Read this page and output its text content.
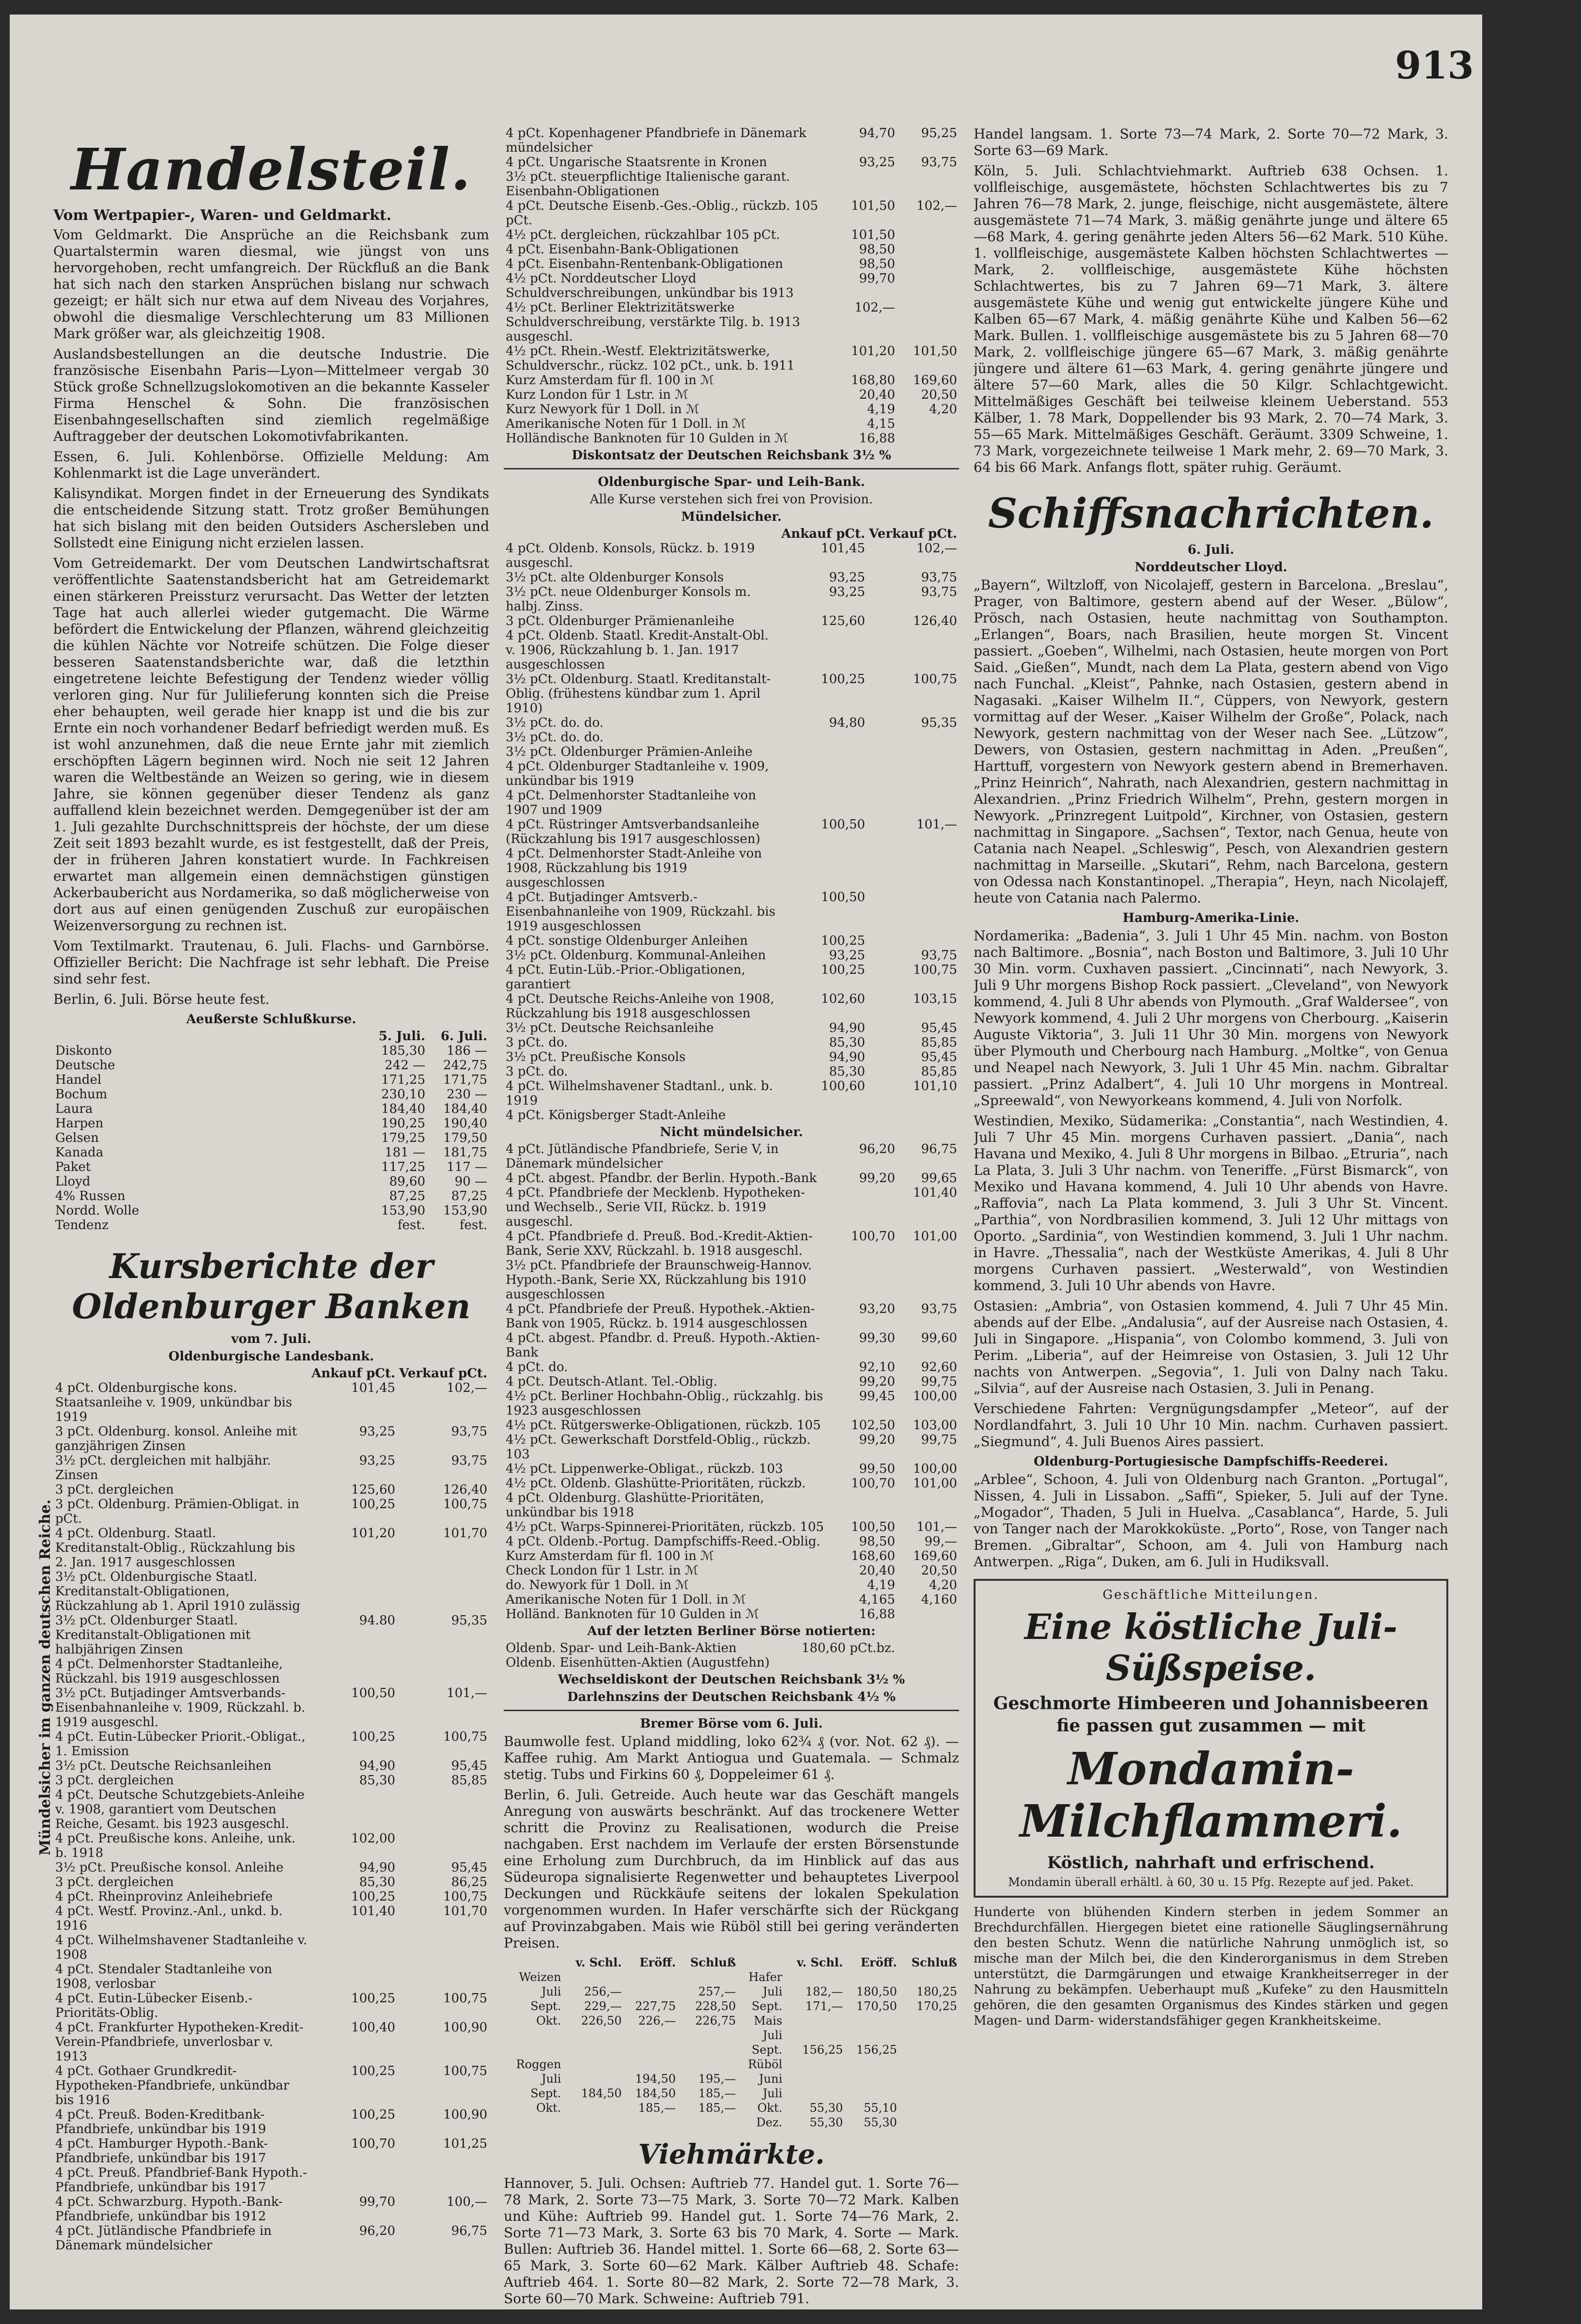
913
Mündelsicher im ganzen deutschen Reiche.
Handelsteil.
Vom Wertpapier-, Waren- und Geldmarkt.
Vom Geldmarkt. Die Ansprüche an die Reichsbank zum Quartalstermin waren diesmal, wie jüngst von uns hervorgehoben, recht umfangreich. Der Rückfluß an die Bank hat sich nach den starken Ansprüchen bislang nur schwach gezeigt; er hält sich nur etwa auf dem Niveau des Vorjahres, obwohl die diesmalige Verschlechterung um 83 Millionen Mark größer war, als gleichzeitig 1908.
Auslandsbestellungen an die deutsche Industrie. Die französische Eisenbahn Paris—Lyon—Mittelmeer vergab 30 Stück große Schnellzugslokomotiven an die bekannte Kasseler Firma Henschel & Sohn. Die französischen Eisenbahngesellschaften sind ziemlich regelmäßige Auftraggeber der deutschen Lokomotivfabrikanten.
Essen, 6. Juli. Kohlenbörse. Offizielle Meldung: Am Kohlenmarkt ist die Lage unverändert.
Kalisyndikat. Morgen findet in der Erneuerung des Syndikats die entscheidende Sitzung statt. Trotz großer Bemühungen hat sich bislang mit den beiden Outsiders Aschersleben und Sollstedt eine Einigung nicht erzielen lassen.
Vom Getreidemarkt. Der vom Deutschen Landwirtschaftsrat veröffentlichte Saatenstandsbericht hat am Getreidemarkt einen stärkeren Preissturz verursacht. Das Wetter der letzten Tage hat auch allerlei wieder gutgemacht. Die Wärme befördert die Entwickelung der Pflanzen, während gleichzeitig die kühlen Nächte vor Notreife schützen. Die Folge dieser besseren Saatenstandsberichte war, daß die letzthin eingetretene leichte Befestigung der Tendenz wieder völlig verloren ging. Nur für Julilieferung konnten sich die Preise eher behaupten, weil gerade hier knapp ist und die bis zur Ernte ein noch vorhandener Bedarf befriedigt werden muß. Es ist wohl anzunehmen, daß die neue Ernte jahr mit ziemlich erschöpften Lägern beginnen wird. Noch nie seit 12 Jahren waren die Weltbestände an Weizen so gering, wie in diesem Jahre, sie können gegenüber dieser Tendenz als ganz auffallend klein bezeichnet werden. Demgegenüber ist der am 1. Juli gezahlte Durchschnittspreis der höchste, der um diese Zeit seit 1893 bezahlt wurde, es ist festgestellt, daß der Preis, der in früheren Jahren konstatiert wurde. In Fachkreisen erwartet man allgemein einen demnächstigen günstigen Ackerbaubericht aus Nordamerika, so daß möglicherweise von dort aus auf einen genügenden Zuschuß zur europäischen Weizenversorgung zu rechnen ist.
Vom Textilmarkt. Trautenau, 6. Juli. Flachs- und Garnbörse. Offizieller Bericht: Die Nachfrage ist sehr lebhaft. Die Preise sind sehr fest.
Berlin, 6. Juli. Börse heute fest.
Aeußerste Schlußkurse.
	5. Juli.	6. Juli.
Diskonto	185,30	186 —
Deutsche	242 —	242,75
Handel	171,25	171,75
Bochum	230,10	230 —
Laura	184,40	184,40
Harpen	190,25	190,40
Gelsen	179,25	179,50
Kanada	181 —	181,75
Paket	117,25	117 —
Lloyd	89,60	90 —
4% Russen	87,25	87,25
Nordd. Wolle	153,90	153,90
Tendenz	fest.	fest.
Kursberichte der Oldenburger Banken
vom 7. Juli.
Oldenburgische Landesbank.
	Ankauf pCt.	Verkauf pCt.
4 pCt. Oldenburgische kons. Staatsanleihe v. 1909, unkündbar bis 1919	101,45	102,—
3 pCt. Oldenburg. konsol. Anleihe mit ganzjährigen Zinsen	93,25	93,75
3½ pCt. dergleichen mit halbjähr. Zinsen	93,25	93,75
3 pCt. dergleichen	125,60	126,40
3 pCt. Oldenburg. Prämien-Obligat. in pCt.	100,25	100,75
4 pCt. Oldenburg. Staatl. Kreditanstalt-Oblig., Rückzahlung bis 2. Jan. 1917 ausgeschlossen	101,20	101,70
3½ pCt. Oldenburgische Staatl. Kreditanstalt-Obligationen, Rückzahlung ab 1. April 1910 zulässig		
3½ pCt. Oldenburger Staatl. Kreditanstalt-Obligationen mit halbjährigen Zinsen	94.80	95,35
4 pCt. Delmenhorster Stadtanleihe, Rückzahl. bis 1919 ausgeschlossen		
3½ pCt. Butjadinger Amtsverbands-Eisenbahnanleihe v. 1909, Rückzahl. b. 1919 ausgeschl.	100,50	101,—
4 pCt. Eutin-Lübecker Priorit.-Obligat., 1. Emission	100,25	100,75
3½ pCt. Deutsche Reichsanleihen	94,90	95,45
3 pCt. dergleichen	85,30	85,85
4 pCt. Deutsche Schutzgebiets-Anleihe v. 1908, garantiert vom Deutschen Reiche, Gesamt. bis 1923 ausgeschl.		
4 pCt. Preußische kons. Anleihe, unk. b. 1918	102,00	
3½ pCt. Preußische konsol. Anleihe	94,90	95,45
3 pCt. dergleichen	85,30	86,25
4 pCt. Rheinprovinz Anleihebriefe	100,25	100,75
4 pCt. Westf. Provinz.-Anl., unkd. b. 1916	101,40	101,70
4 pCt. Wilhelmshavener Stadtanleihe v. 1908		
4 pCt. Stendaler Stadtanleihe von 1908, verlosbar		
4 pCt. Eutin-Lübecker Eisenb.-Prioritäts-Oblig.	100,25	100,75
4 pCt. Frankfurter Hypotheken-Kredit-Verein-Pfandbriefe, unverlosbar v. 1913	100,40	100,90
4 pCt. Gothaer Grundkredit-Hypotheken-Pfandbriefe, unkündbar bis 1916	100,25	100,75
4 pCt. Preuß. Boden-Kreditbank-Pfandbriefe, unkündbar bis 1919	100,25	100,90
4 pCt. Hamburger Hypoth.-Bank-Pfandbriefe, unkündbar bis 1917	100,70	101,25
4 pCt. Preuß. Pfandbrief-Bank Hypoth.-Pfandbriefe, unkündbar bis 1917		
4 pCt. Schwarzburg. Hypoth.-Bank-Pfandbriefe, unkündbar bis 1912	99,70	100,—
4 pCt. Jütländische Pfandbriefe in Dänemark mündelsicher	96,20	96,75
4 pCt. Kopenhagener Pfandbriefe in Dänemark mündelsicher	94,70	95,25
4 pCt. Ungarische Staatsrente in Kronen	93,25	93,75
3½ pCt. steuerpflichtige Italienische garant. Eisenbahn-Obligationen		
4 pCt. Deutsche Eisenb.-Ges.-Oblig., rückzb. 105 pCt.	101,50	102,—
4½ pCt. dergleichen, rückzahlbar 105 pCt.	101,50	
4 pCt. Eisenbahn-Bank-Obligationen	98,50	
4 pCt. Eisenbahn-Rentenbank-Obligationen	98,50	
4½ pCt. Norddeutscher Lloyd Schuldverschreibungen, unkündbar bis 1913	99,70	
4½ pCt. Berliner Elektrizitätswerke Schuldverschreibung, verstärkte Tilg. b. 1913 ausgeschl.	102,—	
4½ pCt. Rhein.-Westf. Elektrizitätswerke, Schuldverschr., rückz. 102 pCt., unk. b. 1911	101,20	101,50
Kurz Amsterdam für fl. 100 in ℳ	168,80	169,60
Kurz London für 1 Lstr. in ℳ	20,40	20,50
Kurz Newyork für 1 Doll. in ℳ	4,19	4,20
Amerikanische Noten für 1 Doll. in ℳ	4,15	
Holländische Banknoten für 10 Gulden in ℳ	16,88	
Diskontsatz der Deutschen Reichsbank 3½ %
Oldenburgische Spar- und Leih-Bank.
Alle Kurse verstehen sich frei von Provision.
Mündelsicher.
	Ankauf pCt.	Verkauf pCt.
4 pCt. Oldenb. Konsols, Rückz. b. 1919 ausgeschl.	101,45	102,—
3½ pCt. alte Oldenburger Konsols	93,25	93,75
3½ pCt. neue Oldenburger Konsols m. halbj. Zinss.	93,25	93,75
3 pCt. Oldenburger Prämienanleihe	125,60	126,40
4 pCt. Oldenb. Staatl. Kredit-Anstalt-Obl. v. 1906, Rückzahlung b. 1. Jan. 1917 ausgeschlossen		
3½ pCt. Oldenburg. Staatl. Kreditanstalt-Oblig. (frühestens kündbar zum 1. April 1910)	100,25	100,75
3½ pCt. do. do.	94,80	95,35
3½ pCt. do. do.		
3½ pCt. Oldenburger Prämien-Anleihe		
4 pCt. Oldenburger Stadtanleihe v. 1909, unkündbar bis 1919		
4 pCt. Delmenhorster Stadtanleihe von 1907 und 1909		
4 pCt. Rüstringer Amtsverbandsanleihe (Rückzahlung bis 1917 ausgeschlossen)	100,50	101,—
4 pCt. Delmenhorster Stadt-Anleihe von 1908, Rückzahlung bis 1919 ausgeschlossen		
4 pCt. Butjadinger Amtsverb.-Eisenbahnanleihe von 1909, Rückzahl. bis 1919 ausgeschlossen	100,50	
4 pCt. sonstige Oldenburger Anleihen	100,25	
3½ pCt. Oldenburg. Kommunal-Anleihen	93,25	93,75
4 pCt. Eutin-Lüb.-Prior.-Obligationen, garantiert	100,25	100,75
4 pCt. Deutsche Reichs-Anleihe von 1908, Rückzahlung bis 1918 ausgeschlossen	102,60	103,15
3½ pCt. Deutsche Reichsanleihe	94,90	95,45
3 pCt. do.	85,30	85,85
3½ pCt. Preußische Konsols	94,90	95,45
3 pCt. do.	85,30	85,85
4 pCt. Wilhelmshavener Stadtanl., unk. b. 1919	100,60	101,10
4 pCt. Königsberger Stadt-Anleihe		
Nicht mündelsicher.
4 pCt. Jütländische Pfandbriefe, Serie V, in Dänemark mündelsicher	96,20	96,75
4 pCt. abgest. Pfandbr. der Berlin. Hypoth.-Bank	99,20	99,65
4 pCt. Pfandbriefe der Mecklenb. Hypotheken- und Wechselb., Serie VII, Rückz. b. 1919 ausgeschl.		101,40
4 pCt. Pfandbriefe d. Preuß. Bod.-Kredit-Aktien-Bank, Serie XXV, Rückzahl. b. 1918 ausgeschl.	100,70	101,00
3½ pCt. Pfandbriefe der Braunschweig-Hannov. Hypoth.-Bank, Serie XX, Rückzahlung bis 1910 ausgeschlossen		
4 pCt. Pfandbriefe der Preuß. Hypothek.-Aktien-Bank von 1905, Rückz. b. 1914 ausgeschlossen	93,20	93,75
4 pCt. abgest. Pfandbr. d. Preuß. Hypoth.-Aktien-Bank	99,30	99,60
4 pCt. do.	92,10	92,60
4 pCt. Deutsch-Atlant. Tel.-Oblig.	99,20	99,75
4½ pCt. Berliner Hochbahn-Oblig., rückzahlg. bis 1923 ausgeschlossen	99,45	100,00
4½ pCt. Rütgerswerke-Obligationen, rückzb. 105	102,50	103,00
4½ pCt. Gewerkschaft Dorstfeld-Oblig., rückzb. 103	99,20	99,75
4½ pCt. Lippenwerke-Obligat., rückzb. 103	99,50	100,00
4½ pCt. Oldenb. Glashütte-Prioritäten, rückzb.	100,70	101,00
4 pCt. Oldenburg. Glashütte-Prioritäten, unkündbar bis 1918		
4½ pCt. Warps-Spinnerei-Prioritäten, rückzb. 105	100,50	101,—
4 pCt. Oldenb.-Portug. Dampfschiffs-Reed.-Oblig.	98,50	99,—
Kurz Amsterdam für fl. 100 in ℳ	168,60	169,60
Check London für 1 Lstr. in ℳ	20,40	20,50
do. Newyork für 1 Doll. in ℳ	4,19	4,20
Amerikanische Noten für 1 Doll. in ℳ	4,165	4,160
Holländ. Banknoten für 10 Gulden in ℳ	16,88	
Auf der letzten Berliner Börse notierten:
Oldenb. Spar- und Leih-Bank-Aktien	180,60 pCt.bz.	
Oldenb. Eisenhütten-Aktien (Augustfehn)		
Wechseldiskont der Deutschen Reichsbank 3½ %
Darlehnszins der Deutschen Reichsbank 4½ %
Bremer Börse vom 6. Juli.
Baumwolle fest. Upland middling, loko 62¾ ₰ (vor. Not. 62 ₰). — Kaffee ruhig. Am Markt Antiogua und Guatemala. — Schmalz stetig. Tubs und Firkins 60 ₰, Doppeleimer 61 ₰.
Berlin, 6. Juli. Getreide. Auch heute war das Geschäft mangels Anregung von auswärts beschränkt. Auf das trockenere Wetter schritt die Provinz zu Realisationen, wodurch die Preise nachgaben. Erst nachdem im Verlaufe der ersten Börsenstunde eine Erholung zum Durchbruch, da im Hinblick auf das aus Südeuropa signalisierte Regenwetter und behauptetes Liverpool Deckungen und Rückkäufe seitens der lokalen Spekulation vorgenommen wurden. In Hafer verschärfte sich der Rückgang auf Provinzabgaben. Mais wie Rüböl still bei gering veränderten Preisen.
	v. Schl.	Eröff.	Schluß		v. Schl.	Eröff.	Schluß
Weizen				Hafer			
Juli	256,—		257,—	Juli	182,—	180,50	180,25
Sept.	229,—	227,75	228,50	Sept.	171,—	170,50	170,25
Okt.	226,50	226,—	226,75	Mais			
				Juli			
				Sept.	156,25	156,25	
Roggen				Rüböl			
Juli		194,50	195,—	Juni			
Sept.	184,50	184,50	185,—	Juli			
Okt.		185,—	185,—	Okt.	55,30	55,10	
				Dez.	55,30	55,30	
Viehmärkte.
Hannover, 5. Juli. Ochsen: Auftrieb 77. Handel gut. 1. Sorte 76—78 Mark, 2. Sorte 73—75 Mark, 3. Sorte 70—72 Mark. Kalben und Kühe: Auftrieb 99. Handel gut. 1. Sorte 74—76 Mark, 2. Sorte 71—73 Mark, 3. Sorte 63 bis 70 Mark, 4. Sorte — Mark. Bullen: Auftrieb 36. Handel mittel. 1. Sorte 66—68, 2. Sorte 63—65 Mark, 3. Sorte 60—62 Mark. Kälber Auftrieb 48. Schafe: Auftrieb 464. 1. Sorte 80—82 Mark, 2. Sorte 72—78 Mark, 3. Sorte 60—70 Mark. Schweine: Auftrieb 791.
Handel langsam. 1. Sorte 73—74 Mark, 2. Sorte 70—72 Mark, 3. Sorte 63—69 Mark.
Köln, 5. Juli. Schlachtviehmarkt. Auftrieb 638 Ochsen. 1. vollfleischige, ausgemästete, höchsten Schlachtwertes bis zu 7 Jahren 76—78 Mark, 2. junge, fleischige, nicht ausgemästete, ältere ausgemästete 71—74 Mark, 3. mäßig genährte junge und ältere 65—68 Mark, 4. gering genährte jeden Alters 56—62 Mark. 510 Kühe. 1. vollfleischige, ausgemästete Kalben höchsten Schlachtwertes — Mark, 2. vollfleischige, ausgemästete Kühe höchsten Schlachtwertes, bis zu 7 Jahren 69—71 Mark, 3. ältere ausgemästete Kühe und wenig gut entwickelte jüngere Kühe und Kalben 65—67 Mark, 4. mäßig genährte Kühe und Kalben 56—62 Mark. Bullen. 1. vollfleischige ausgemästete bis zu 5 Jahren 68—70 Mark, 2. vollfleischige jüngere 65—67 Mark, 3. mäßig genährte jüngere und ältere 61—63 Mark, 4. gering genährte jüngere und ältere 57—60 Mark, alles die 50 Kilgr. Schlachtgewicht. Mittelmäßiges Geschäft bei teilweise kleinem Ueberstand. 553 Kälber, 1. 78 Mark, Doppellender bis 93 Mark, 2. 70—74 Mark, 3. 55—65 Mark. Mittelmäßiges Geschäft. Geräumt. 3309 Schweine, 1. 73 Mark, vorgezeichnete teilweise 1 Mark mehr, 2. 69—70 Mark, 3. 64 bis 66 Mark. Anfangs flott, später ruhig. Geräumt.
Schiffsnachrichten.
6. Juli.
Norddeutscher Lloyd.
„Bayern“, Wiltzloff, von Nicolajeff, gestern in Barcelona. „Breslau“, Prager, von Baltimore, gestern abend auf der Weser. „Bülow“, Prösch, nach Ostasien, heute nachmittag von Southampton. „Erlangen“, Boars, nach Brasilien, heute morgen St. Vincent passiert. „Goeben“, Wilhelmi, nach Ostasien, heute morgen von Port Said. „Gießen“, Mundt, nach dem La Plata, gestern abend von Vigo nach Funchal. „Kleist“, Pahnke, nach Ostasien, gestern abend in Nagasaki. „Kaiser Wilhelm II.“, Cüppers, von Newyork, gestern vormittag auf der Weser. „Kaiser Wilhelm der Große“, Polack, nach Newyork, gestern nachmittag von der Weser nach See. „Lützow“, Dewers, von Ostasien, gestern nachmittag in Aden. „Preußen“, Harttuff, vorgestern von Newyork gestern abend in Bremerhaven. „Prinz Heinrich“, Nahrath, nach Alexandrien, gestern nachmittag in Alexandrien. „Prinz Friedrich Wilhelm“, Prehn, gestern morgen in Newyork. „Prinzregent Luitpold“, Kirchner, von Ostasien, gestern nachmittag in Singapore. „Sachsen“, Textor, nach Genua, heute von Catania nach Neapel. „Schleswig“, Pesch, von Alexandrien gestern nachmittag in Marseille. „Skutari“, Rehm, nach Barcelona, gestern von Odessa nach Konstantinopel. „Therapia“, Heyn, nach Nicolajeff, heute von Catania nach Palermo.
Hamburg-Amerika-Linie.
Nordamerika: „Badenia“, 3. Juli 1 Uhr 45 Min. nachm. von Boston nach Baltimore. „Bosnia“, nach Boston und Baltimore, 3. Juli 10 Uhr 30 Min. vorm. Cuxhaven passiert. „Cincinnati“, nach Newyork, 3. Juli 9 Uhr morgens Bishop Rock passiert. „Cleveland“, von Newyork kommend, 4. Juli 8 Uhr abends von Plymouth. „Graf Waldersee“, von Newyork kommend, 4. Juli 2 Uhr morgens von Cherbourg. „Kaiserin Auguste Viktoria“, 3. Juli 11 Uhr 30 Min. morgens von Newyork über Plymouth und Cherbourg nach Hamburg. „Moltke“, von Genua und Neapel nach Newyork, 3. Juli 1 Uhr 45 Min. nachm. Gibraltar passiert. „Prinz Adalbert“, 4. Juli 10 Uhr morgens in Montreal. „Spreewald“, von Newyorkeans kommend, 4. Juli von Norfolk.
Westindien, Mexiko, Südamerika: „Constantia“, nach Westindien, 4. Juli 7 Uhr 45 Min. morgens Curhaven passiert. „Dania“, nach Havana und Mexiko, 4. Juli 8 Uhr morgens in Bilbao. „Etruria“, nach La Plata, 3. Juli 3 Uhr nachm. von Teneriffe. „Fürst Bismarck“, von Mexiko und Havana kommend, 4. Juli 10 Uhr abends von Havre. „Raffovia“, nach La Plata kommend, 3. Juli 3 Uhr St. Vincent. „Parthia“, von Nordbrasilien kommend, 3. Juli 12 Uhr mittags von Oporto. „Sardinia“, von Westindien kommend, 3. Juli 1 Uhr nachm. in Havre. „Thessalia“, nach der Westküste Amerikas, 4. Juli 8 Uhr morgens Curhaven passiert. „Westerwald“, von Westindien kommend, 3. Juli 10 Uhr abends von Havre.
Ostasien: „Ambria“, von Ostasien kommend, 4. Juli 7 Uhr 45 Min. abends auf der Elbe. „Andalusia“, auf der Ausreise nach Ostasien, 4. Juli in Singapore. „Hispania“, von Colombo kommend, 3. Juli von Perim. „Liberia“, auf der Heimreise von Ostasien, 3. Juli 12 Uhr nachts von Antwerpen. „Segovia“, 1. Juli von Dalny nach Taku. „Silvia“, auf der Ausreise nach Ostasien, 3. Juli in Penang.
Verschiedene Fahrten: Vergnügungsdampfer „Meteor“, auf der Nordlandfahrt, 3. Juli 10 Uhr 10 Min. nachm. Curhaven passiert. „Siegmund“, 4. Juli Buenos Aires passiert.
Oldenburg-Portugiesische Dampfschiffs-Reederei.
„Arblee“, Schoon, 4. Juli von Oldenburg nach Granton. „Portugal“, Nissen, 4. Juli in Lissabon. „Saffi“, Spieker, 5. Juli auf der Tyne. „Mogador“, Thaden, 5 Juli in Huelva. „Casablanca“, Harde, 5. Juli von Tanger nach der Marokkoküste. „Porto“, Rose, von Tanger nach Bremen. „Gibraltar“, Schoon, am 4. Juli von Hamburg nach Antwerpen. „Riga“, Duken, am 6. Juli in Hudiksvall.
Geschäftliche Mitteilungen.
Eine köstliche Juli-Süßspeise.
Geschmorte Himbeeren und Johannisbeeren fie passen gut zusammen — mit
Mondamin-Milchflammeri.
Köstlich, nahrhaft und erfrischend.
Mondamin überall erhältl. à 60, 30 u. 15 Pfg. Rezepte auf jed. Paket.
Hunderte von blühenden Kindern sterben in jedem Sommer an Brechdurchfällen. Hiergegen bietet eine rationelle Säuglingsernährung den besten Schutz. Wenn die natürliche Nahrung unmöglich ist, so mische man der Milch bei, die den Kinderorganismus in dem Streben unterstützt, die Darmgärungen und etwaige Krankheitserreger in der Nahrung zu bekämpfen. Ueberhaupt muß „Kufeke“ zu den Hausmitteln gehören, die den gesamten Organismus des Kindes stärken und gegen Magen- und Darm- widerstandsfähiger gegen Krankheitskeime.
